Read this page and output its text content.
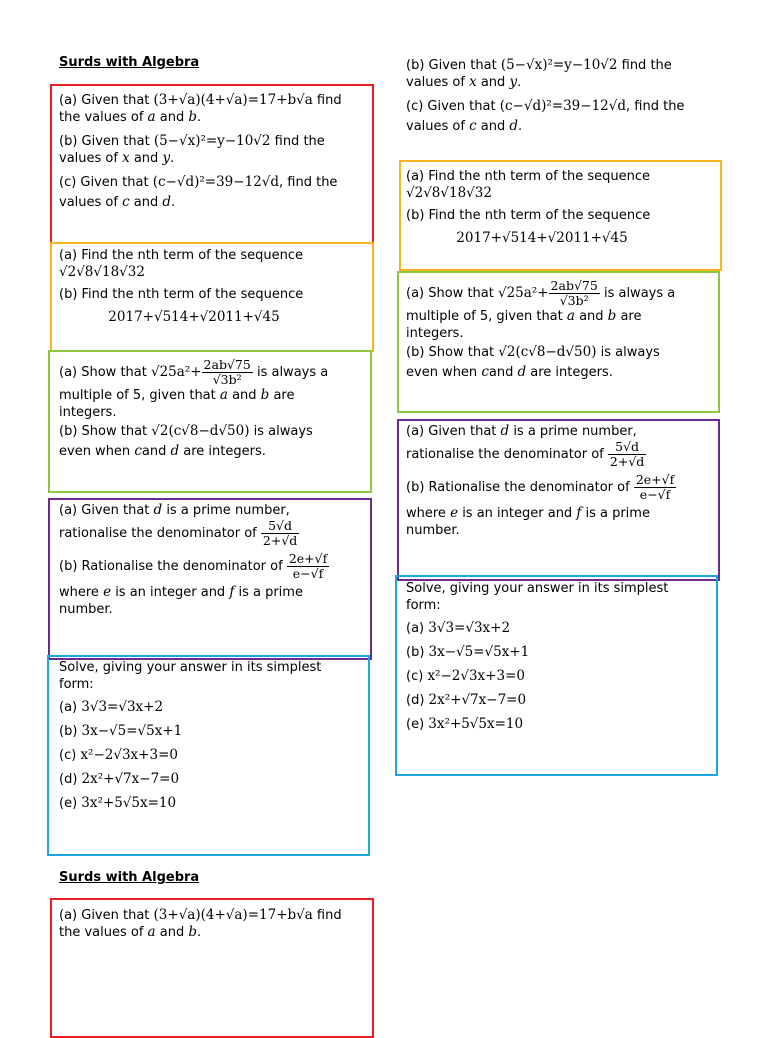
Surds with Algebra

(a) Given that (3+√a)(4+√a)=17+b√a find

the values of a and b.

(b) Given that (5−√x)²=y−10√2 find the

values of x and y.

(c) Given that (c−√d)²=39−12√d, find the

values of c and d.

(a) Find the nth term of the sequence

√2√8√18√32

(b) Find the nth term of the sequence

2017+√514+√2011+√45

(a) Show that $√25a^2+ \frac{2ab√75}{\text{√3b²}}$ is always a

multiple of 5, given that a and b are

integers.

(b) Show that √2(c√8−d√50) is always

even when cand d are integers.

(a) Given that d is a prime number,

rationalise the denominator of $\frac{5√d}{2+√d}$

(b) Rationalise the denominator of $\frac{2e+√f}{e-√f}$

where e is an integer and f is a prime

number.

Solve, giving your answer in its simplest

form:

(a) 3√3=√3x+2

(b) 3x−√5=√5x+1

(c) x²−2√3x+3=0

(d) 2x²+√7x−7=0

(e) 3x²+5√5x=10

Surds with Algebra

(a) Given that (3+√a)(4+√a)=17+b√a find

the values of a and b.

(b) Given that (5−√x)²=y−10√2 find the

values of x and y.

(c) Given that (c−√d)²=39−12√d, find the

values of c and d.

(a) Find the nth term of the sequence

√2√8√18√32

(b) Find the nth term of the sequence

2017+√514+√2011+√45

(a) Show that $√25a^2+ \frac{2ab√75}{\text{√3b²}}$ is always a

multiple of 5, given that a and b are

integers.

(b) Show that √2(c√8−d√50) is always

even when cand d are integers.

(a) Given that d is a prime number,

rationalise the denominator of $\frac{5√d}{2+√d}$

(b) Rationalise the denominator of $\frac{2e+√f}{e-√f}$

where e is an integer and f is a prime

number.

Solve, giving your answer in its simplest

form:

(a) 3√3=√3x+2

(b) 3x−√5=√5x+1

(c) x²−2√3x+3=0

(d) 2x²+√7x−7=0

(e) 3x²+5√5x=10
